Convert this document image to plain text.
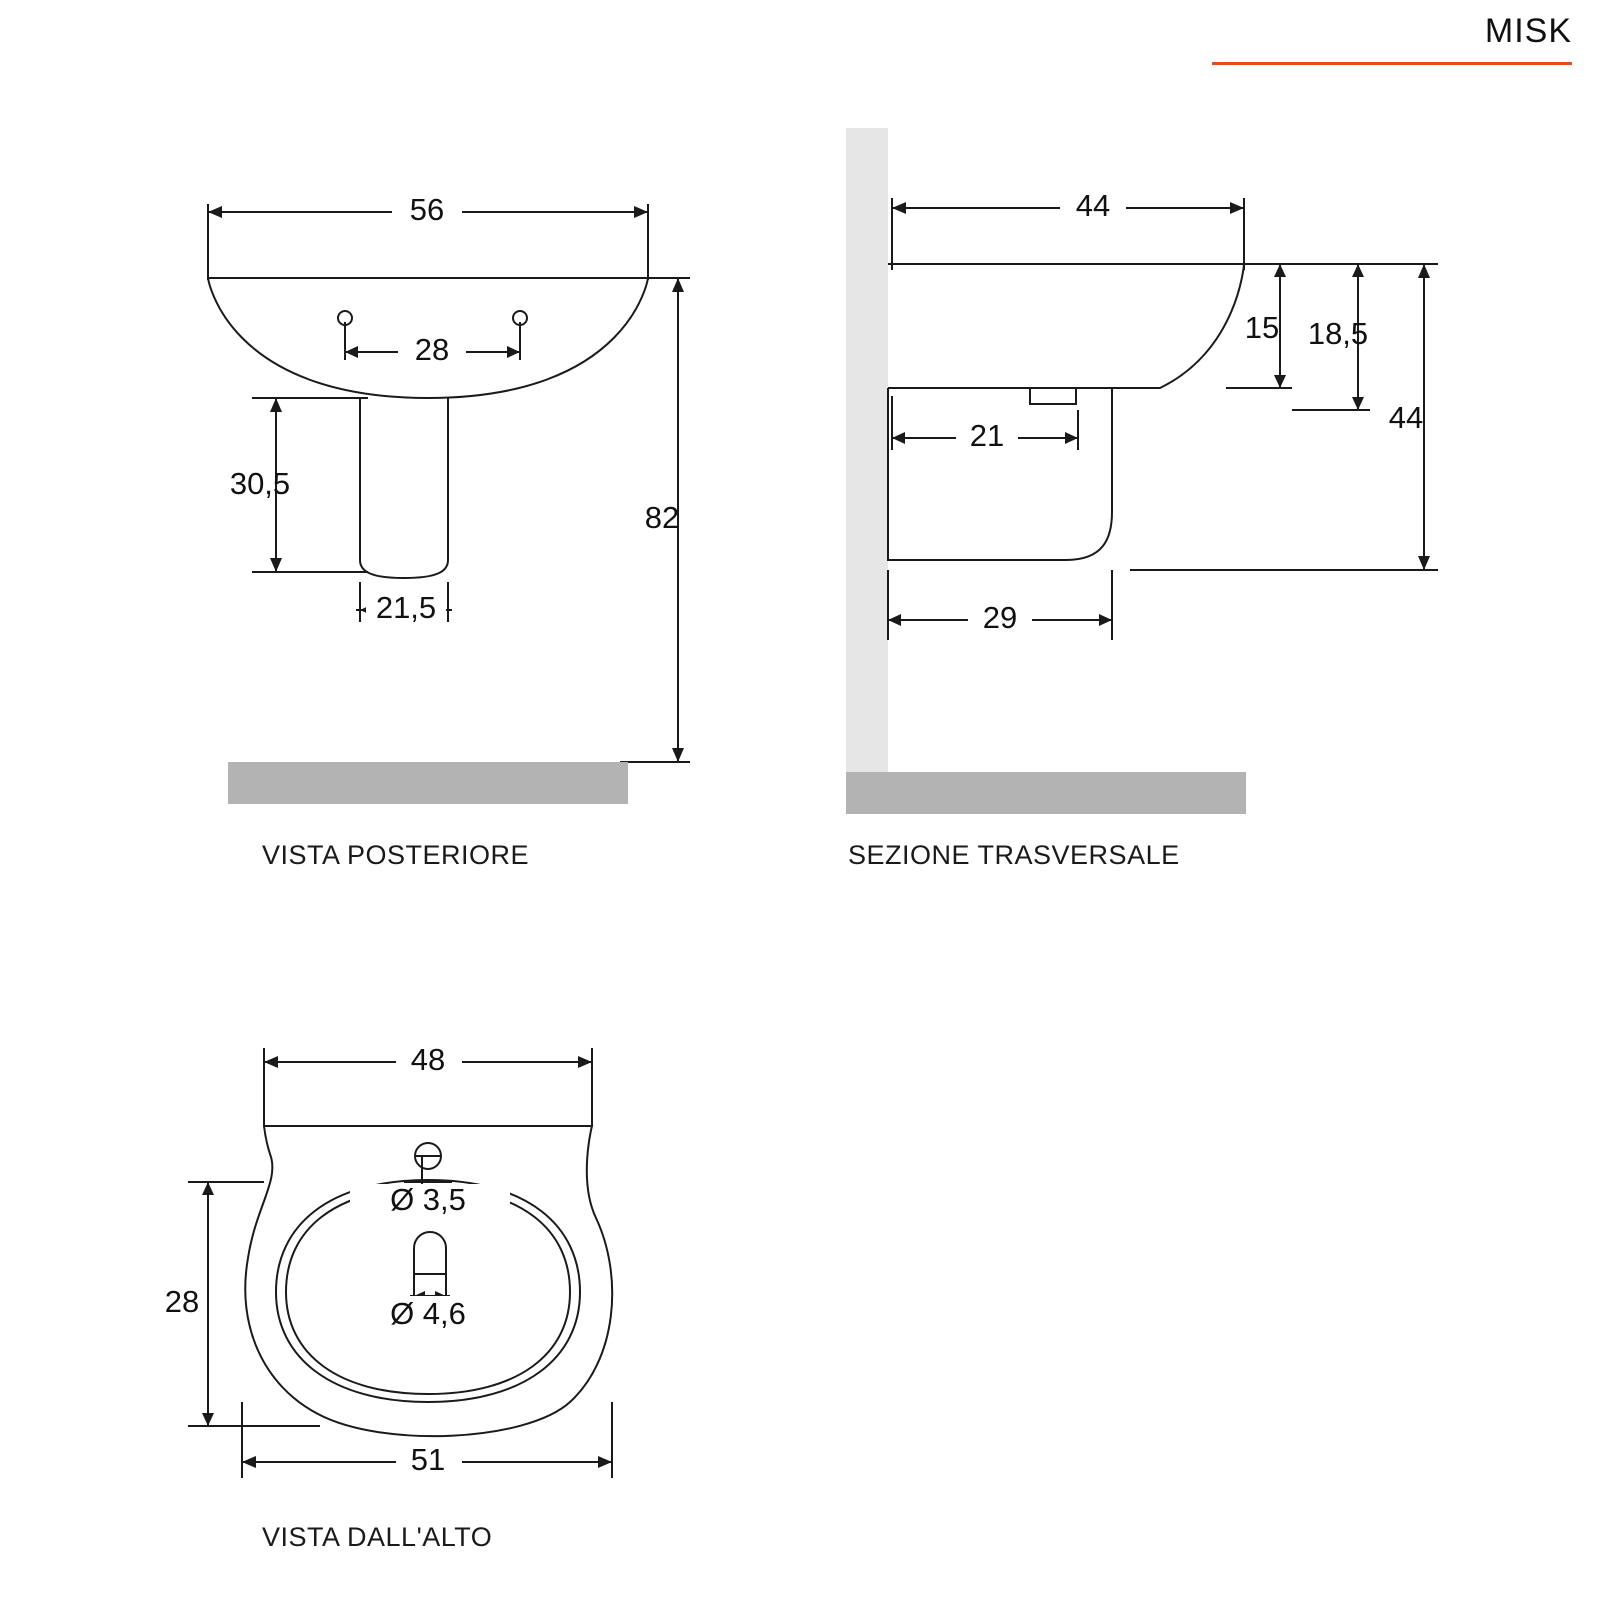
MISK
56
28
30,5
21,5
82
VISTA POSTERIORE
44
21
29
15 18,5
44
SEZIONE TRASVERSALE
48
Ø 3,5
Ø 4,6
28
51
VISTA DALL'ALTO
